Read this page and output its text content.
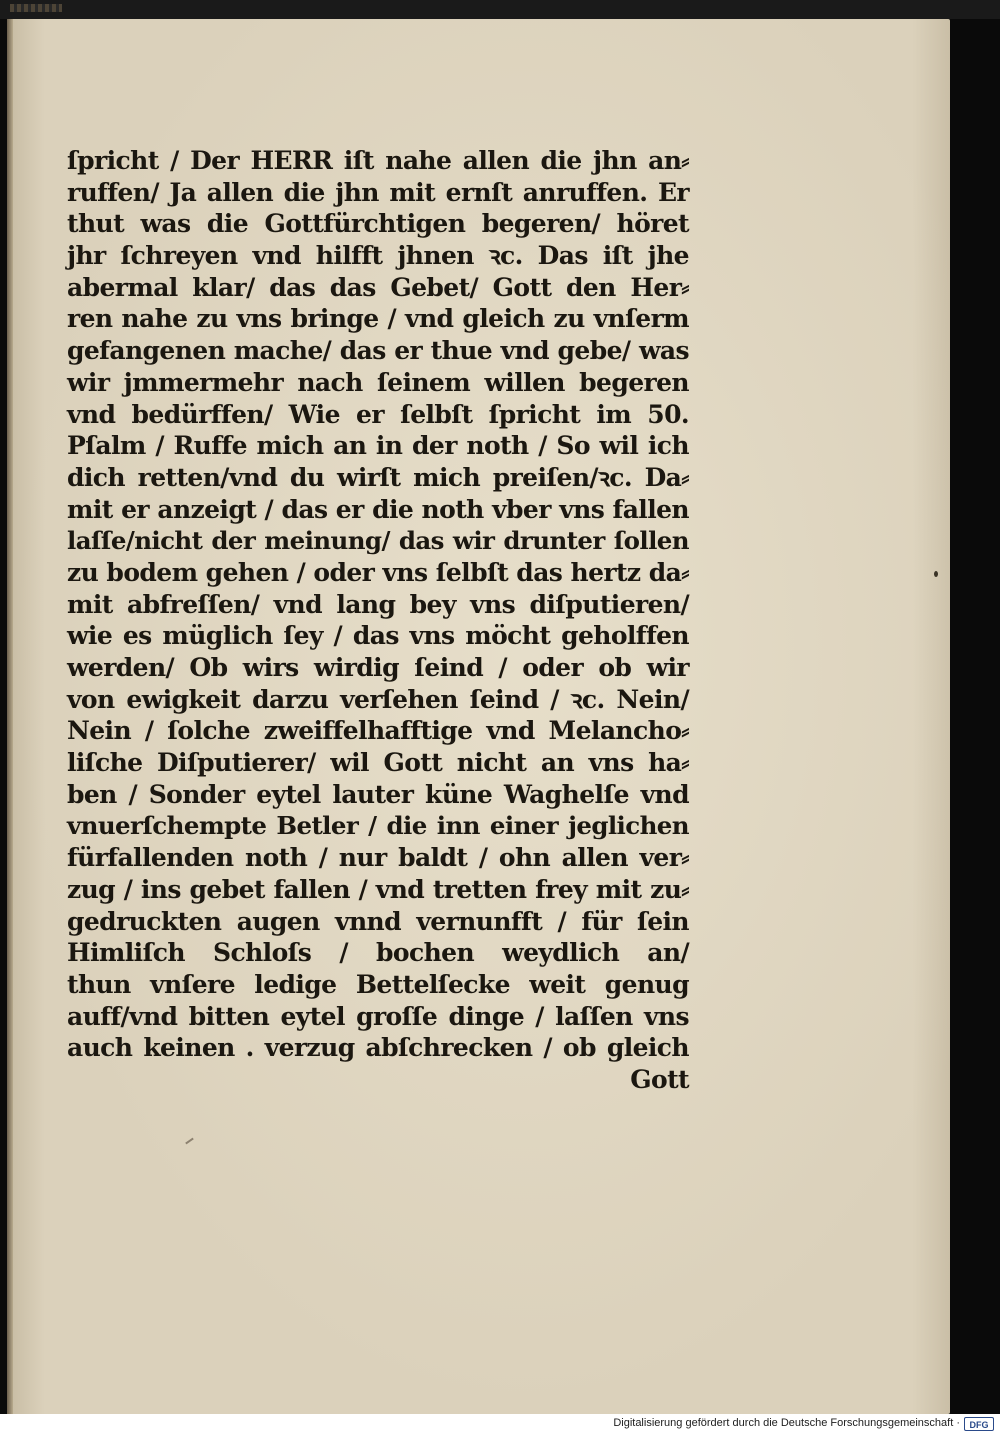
ſpricht / Der HERR iſt nahe allen die jhn an⸗
ruffen/ Ja allen die jhn mit ernſt anruffen. Er
thut was die Gottfürchtigen begeren/ höret
jhr ſchreyen vnd hilfft jhnen ꝛc. Das iſt jhe
abermal klar/ das das Gebet/ Gott den Her⸗
ren nahe zu vns bringe / vnd gleich zu vnſerm
gefangenen mache/ das er thue vnd gebe/ was
wir jmmermehr nach ſeinem willen begeren
vnd bedürffen/ Wie er ſelbſt ſpricht im 50.
Pſalm / Ruffe mich an in der noth / So wil ich
dich retten/vnd du wirſt mich preiſen/ꝛc. Da⸗
mit er anzeigt / das er die noth vber vns fallen
laſſe/nicht der meinung/ das wir drunter ſollen
zu bodem gehen / oder vns ſelbſt das hertz da⸗
mit abfreſſen/ vnd lang bey vns diſputieren/
wie es müglich ſey / das vns möcht geholffen
werden/ Ob wirs wirdig ſeind / oder ob wir
von ewigkeit darzu verſehen ſeind / ꝛc. Nein/
Nein / ſolche zweiffelhafftige vnd Melancho⸗
liſche Diſputierer/ wil Gott nicht an vns ha⸗
ben / Sonder eytel lauter küne Waghelſe vnd
vnuerſchempte Betler / die inn einer jeglichen
fürfallenden noth / nur baldt / ohn allen ver⸗
zug / ins gebet fallen / vnd tretten frey mit zu⸗
gedruckten augen vnnd vernunfft / für ſein
Himliſch Schloſs / bochen weydlich an/
thun vnſere ledige Bettelſecke weit genug
auff/vnd bitten eytel groſſe dinge / laſſen vns
auch keinen . verzug abſchrecken / ob gleich
Gott
Digitalisierung gefördert durch die Deutsche Forschungsgemeinschaft ·	DFG
